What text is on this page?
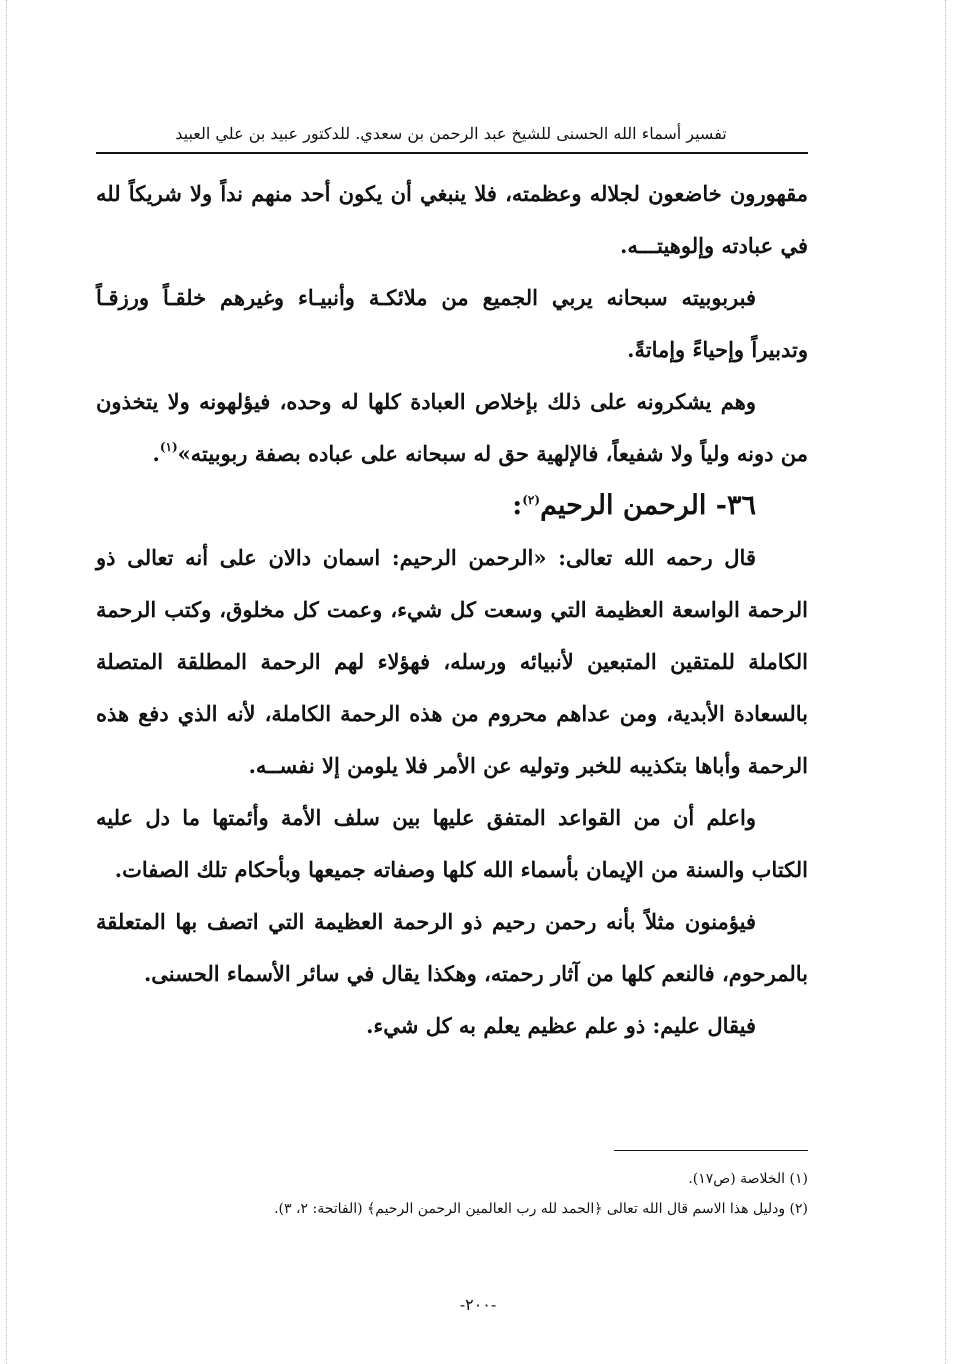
تفسير أسماء الله الحسنى للشيخ عبد الرحمن بن سعدي. للدكتور عبيد بن علي العبيد

مقهورون خاضعون لجلاله وعظمته، فلا ينبغي أن يكون أحد منهم نداً ولا شريكاً لله في عبادته وإلوهيتـــه.

فبربوبيته سبحانه يربي الجميع من ملائكـة وأنبيـاء وغيرهم خلقـاً ورزقـاً وتدبيراً وإحياءً وإماتةً.

وهم يشكرونه على ذلك بإخلاص العبادة كلها له وحده، فيؤلهونه ولا يتخذون من دونه ولياً ولا شفيعاً، فالإلهية حق له سبحانه على عباده بصفة ربوبيته»$^{(١)}$.

٣٦- الرحمن الرحيم$^{(٢)}$:

قال رحمه الله تعالى: «الرحمن الرحيم: اسمان دالان على أنه تعالى ذو الرحمة الواسعة العظيمة التي وسعت كل شيء، وعمت كل مخلوق، وكتب الرحمة الكاملة للمتقين المتبعين لأنبيائه ورسله، فهؤلاء لهم الرحمة المطلقة المتصلة بالسعادة الأبدية، ومن عداهم محروم من هذه الرحمة الكاملة، لأنه الذي دفع هذه الرحمة وأباها بتكذيبه للخبر وتوليه عن الأمر فلا يلومن إلا نفســه.

واعلم أن من القواعد المتفق عليها بين سلف الأمة وأئمتها ما دل عليه الكتاب والسنة من الإيمان بأسماء الله كلها وصفاته جميعها وبأحكام تلك الصفات.

فيؤمنون مثلاً بأنه رحمن رحيم ذو الرحمة العظيمة التي اتصف بها المتعلقة بالمرحوم، فالنعم كلها من آثار رحمته، وهكذا يقال في سائر الأسماء الحسنى.

فيقال عليم: ذو علم عظيم يعلم به كل شيء.

(١) الخلاصة (ص١٧).

(٢) ودليل هذا الاسم قال الله تعالى ﴿الحمد لله رب العالمين الرحمن الرحيم﴾ (الفاتحة: ٢، ٣).

-٢٠٠-
